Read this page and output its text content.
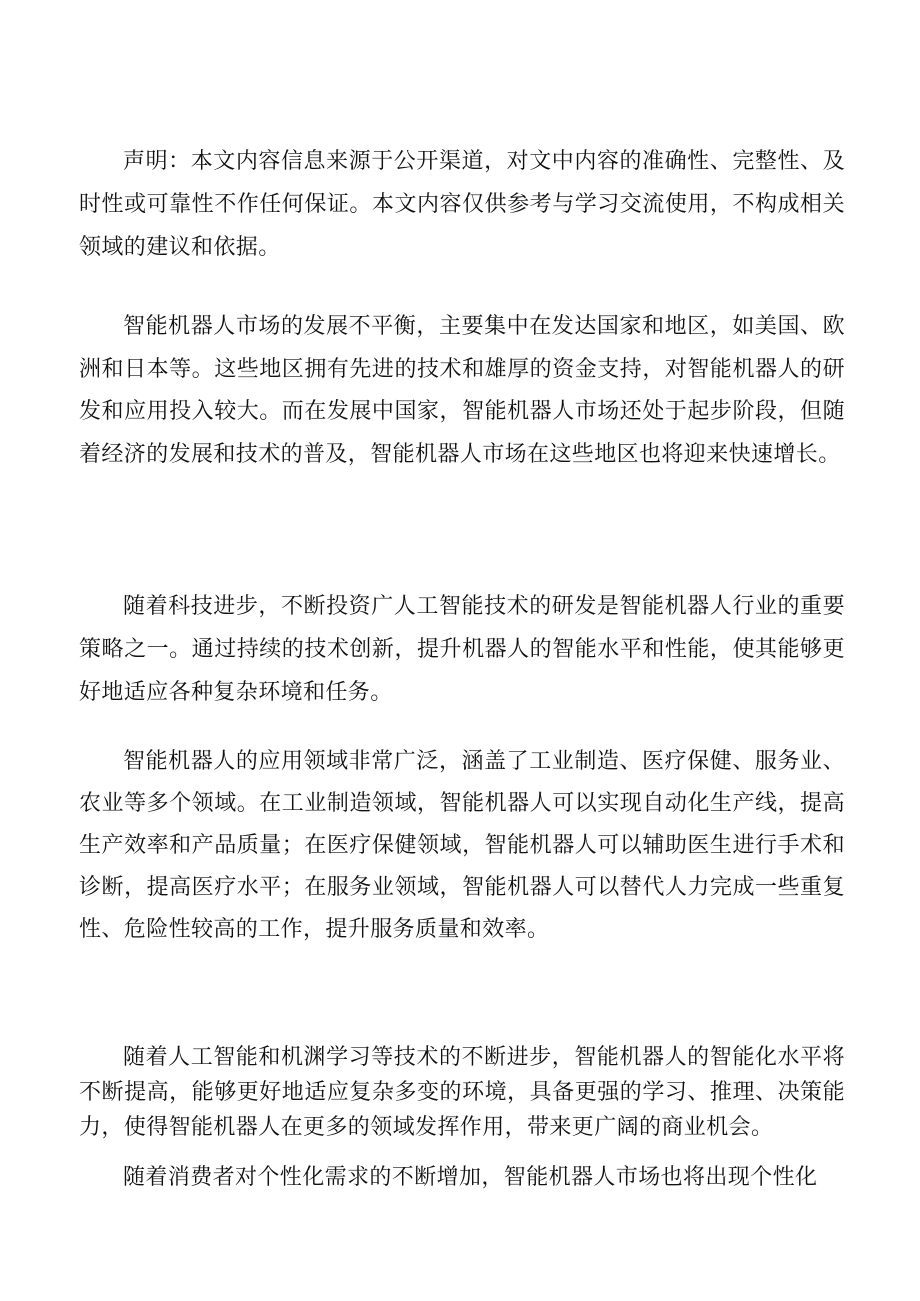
声明：本文内容信息来源于公开渠道，对文中内容的准确性、完整性、及时性或可靠性不作任何保证。本文内容仅供参考与学习交流使用，不构成相关领域的建议和依据。

智能机器人市场的发展不平衡，主要集中在发达国家和地区，如美国、欧洲和日本等。这些地区拥有先进的技术和雄厚的资金支持，对智能机器人的研发和应用投入较大。而在发展中国家，智能机器人市场还处于起步阶段，但随着经济的发展和技术的普及，智能机器人市场在这些地区也将迎来快速增长。

随着科技进步，不断投资广人工智能技术的研发是智能机器人行业的重要策略之一。通过持续的技术创新，提升机器人的智能水平和性能，使其能够更好地适应各种复杂环境和任务。

智能机器人的应用领域非常广泛，涵盖了工业制造、医疗保健、服务业、农业等多个领域。在工业制造领域，智能机器人可以实现自动化生产线，提高生产效率和产品质量；在医疗保健领域，智能机器人可以辅助医生进行手术和诊断，提高医疗水平；在服务业领域，智能机器人可以替代人力完成一些重复性、危险性较高的工作，提升服务质量和效率。

随着人工智能和机渊学习等技术的不断进步，智能机器人的智能化水平将不断提高，能够更好地适应复杂多变的环境，具备更强的学习、推理、决策能力，使得智能机器人在更多的领域发挥作用，带来更广阔的商业机会。

随着消费者对个性化需求的不断增加，智能机器人市场也将出现个性化
